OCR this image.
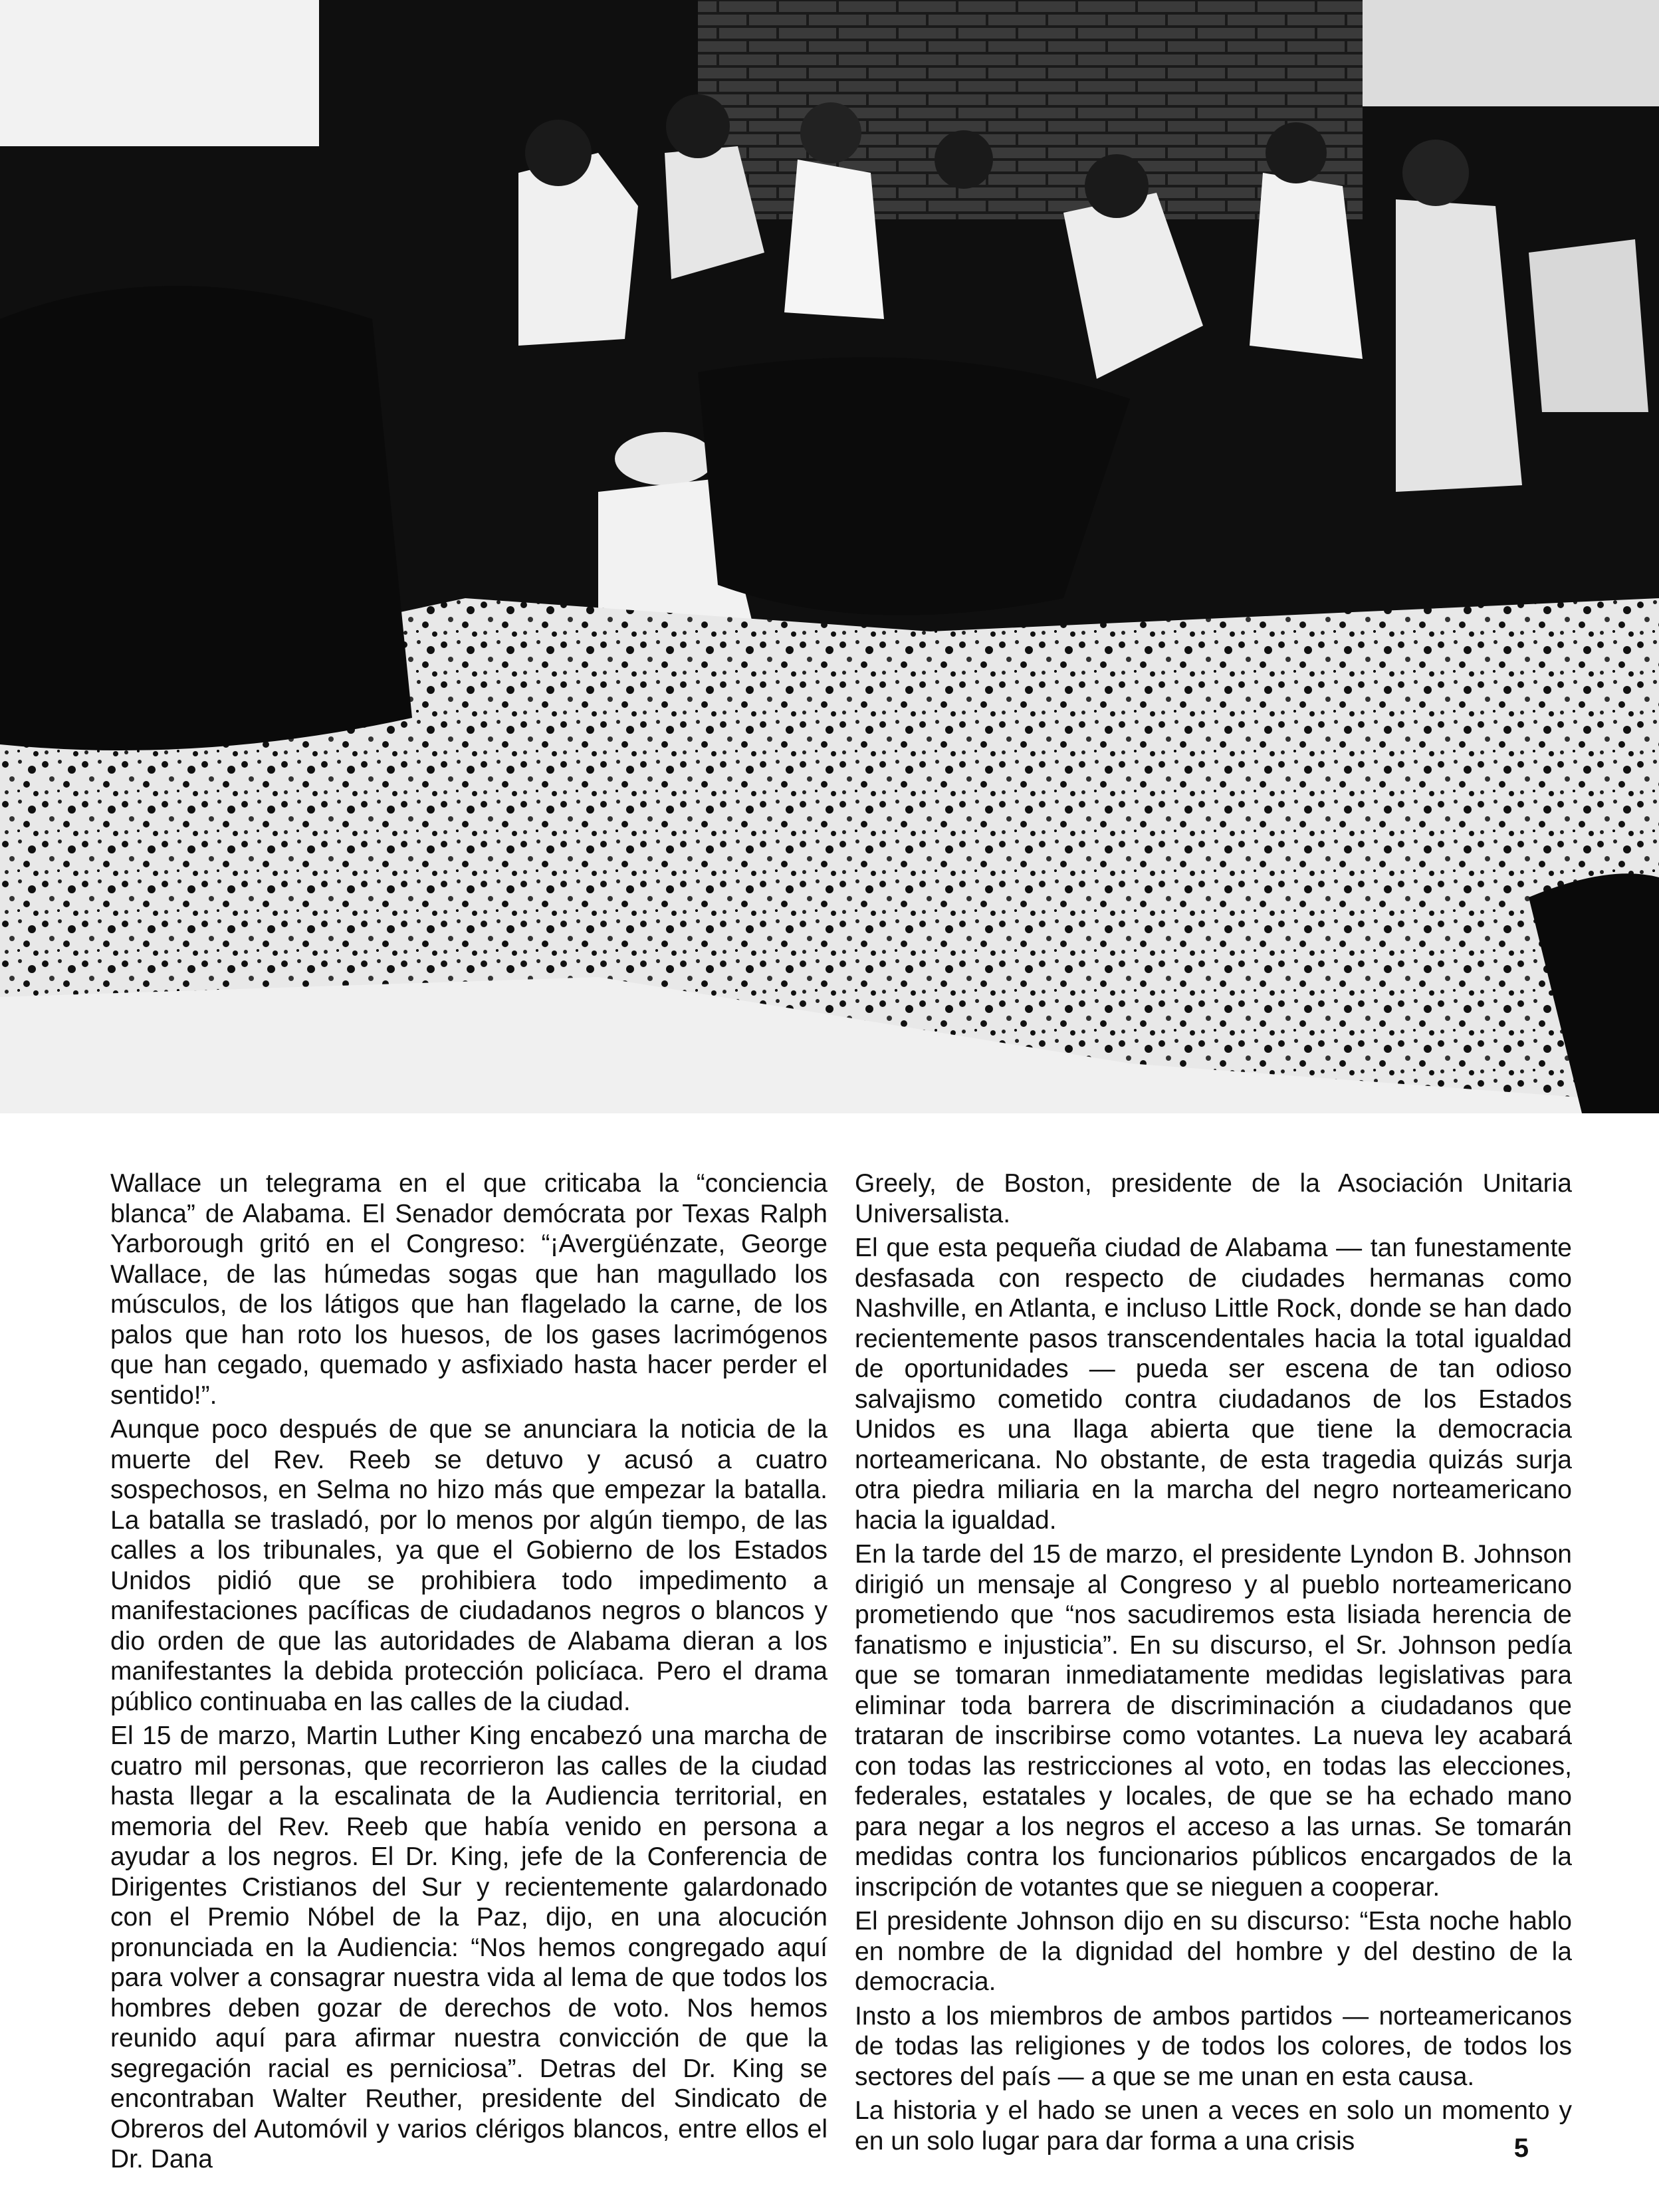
Wallace un telegrama en el que criticaba la “conciencia blanca” de Alabama. El Senador demócrata por Texas Ralph Yarborough gritó en el Congreso: “¡Avergüénzate, George Wallace, de las húmedas sogas que han magullado los músculos, de los látigos que han flagelado la carne, de los palos que han roto los huesos, de los gases lacrimógenos que han cegado, quemado y asfixiado hasta hacer perder el sentido!”.

Aunque poco después de que se anunciara la noticia de la muerte del Rev. Reeb se detuvo y acusó a cuatro sospechosos, en Selma no hizo más que empezar la batalla. La batalla se trasladó, por lo menos por algún tiempo, de las calles a los tribunales, ya que el Gobierno de los Estados Unidos pidió que se prohibiera todo impedimento a manifestaciones pacíficas de ciudadanos negros o blancos y dio orden de que las autoridades de Alabama dieran a los manifestantes la debida protección policíaca. Pero el drama público continuaba en las calles de la ciudad.

El 15 de marzo, Martin Luther King encabezó una marcha de cuatro mil personas, que recorrieron las calles de la ciudad hasta llegar a la escalinata de la Audiencia territorial, en memoria del Rev. Reeb que había venido en persona a ayudar a los negros. El Dr. King, jefe de la Conferencia de Dirigentes Cristianos del Sur y recientemente galardonado con el Premio Nóbel de la Paz, dijo, en una alocución pronunciada en la Audiencia: “Nos hemos congregado aquí para volver a consagrar nuestra vida al lema de que todos los hombres deben gozar de derechos de voto. Nos hemos reunido aquí para afirmar nuestra convicción de que la segregación racial es perniciosa”. Detras del Dr. King se encontraban Walter Reuther, presidente del Sindicato de Obreros del Automóvil y varios clérigos blancos, entre ellos el Dr. Dana

Greely, de Boston, presidente de la Asociación Unitaria Universalista.

El que esta pequeña ciudad de Alabama — tan funestamente desfasada con respecto de ciudades hermanas como Nashville, en Atlanta, e incluso Little Rock, donde se han dado recientemente pasos transcendentales hacia la total igualdad de oportunidades — pueda ser escena de tan odioso salvajismo cometido contra ciudadanos de los Estados Unidos es una llaga abierta que tiene la democracia norteamericana. No obstante, de esta tragedia quizás surja otra piedra miliaria en la marcha del negro norteamericano hacia la igualdad.

En la tarde del 15 de marzo, el presidente Lyndon B. Johnson dirigió un mensaje al Congreso y al pueblo norteamericano prometiendo que “nos sacudiremos esta lisiada herencia de fanatismo e injusticia”. En su discurso, el Sr. Johnson pedía que se tomaran inmediatamente medidas legislativas para eliminar toda barrera de discriminación a ciudadanos que trataran de inscribirse como votantes. La nueva ley acabará con todas las restricciones al voto, en todas las elecciones, federales, estatales y locales, de que se ha echado mano para negar a los negros el acceso a las urnas. Se tomarán medidas contra los funcionarios públicos encargados de la inscripción de votantes que se nieguen a cooperar.

El presidente Johnson dijo en su discurso: “Esta noche hablo en nombre de la dignidad del hombre y del destino de la democracia.

Insto a los miembros de ambos partidos — norteamericanos de todas las religiones y de todos los colores, de todos los sectores del país — a que se me unan en esta causa.

La historia y el hado se unen a veces en solo un momento y en un solo lugar para dar forma a una crisis	5
